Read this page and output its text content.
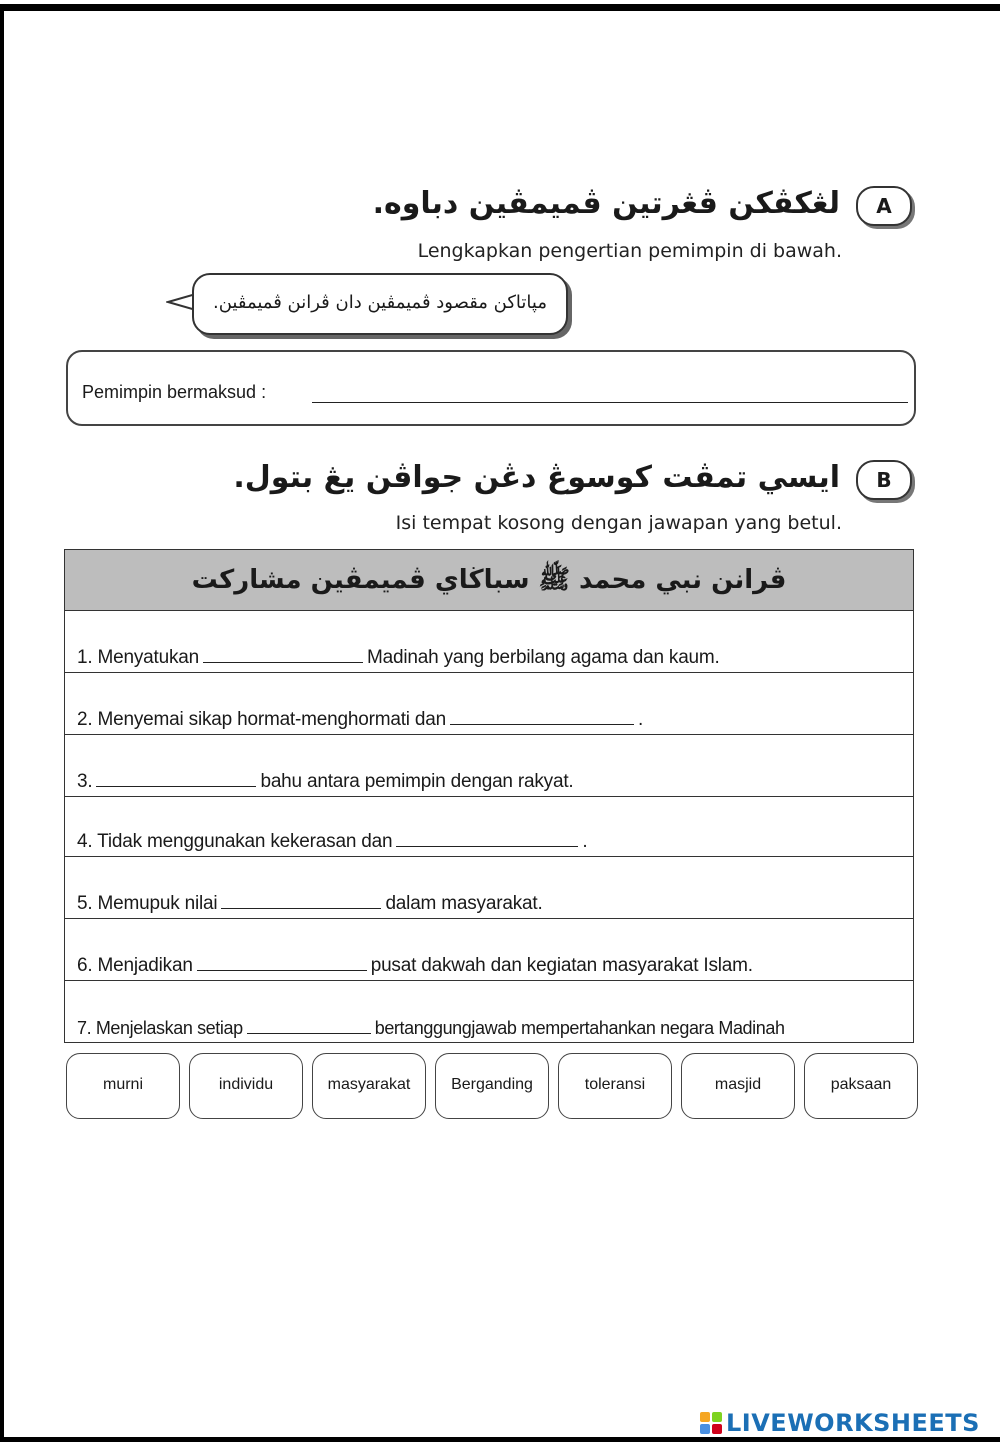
A
لڠكڤكن ڤڠرتين ڤميمڤين دباوه.
Lengkapkan pengertian pemimpin di bawah.
مپاتاكن مقصود ڤميمڤين دان ڤرانن ڤميمڤين.
Pemimpin bermaksud :
B
ايسي تمڤت كوسوڠ دڠن جواڤن يڠ بتول.
Isi tempat kosong dengan jawapan yang betul.
ڤرانن نبي محمد ﷺ سباڬاي ڤميمڤين مشاركت
1. Menyatukan	Madinah yang berbilang agama dan kaum.
2. Menyemai sikap hormat-menghormati dan	.
3.	bahu antara pemimpin dengan rakyat.
4. Tidak menggunakan kekerasan dan	.
5. Memupuk nilai	dalam masyarakat.
6. Menjadikan	pusat dakwah dan kegiatan masyarakat Islam.
7. Menjelaskan setiap	bertanggungjawab mempertahankan negara Madinah
murni	individu	masyarakat	Berganding	toleransi	masjid	paksaan
LIVEWORKSHEETS
